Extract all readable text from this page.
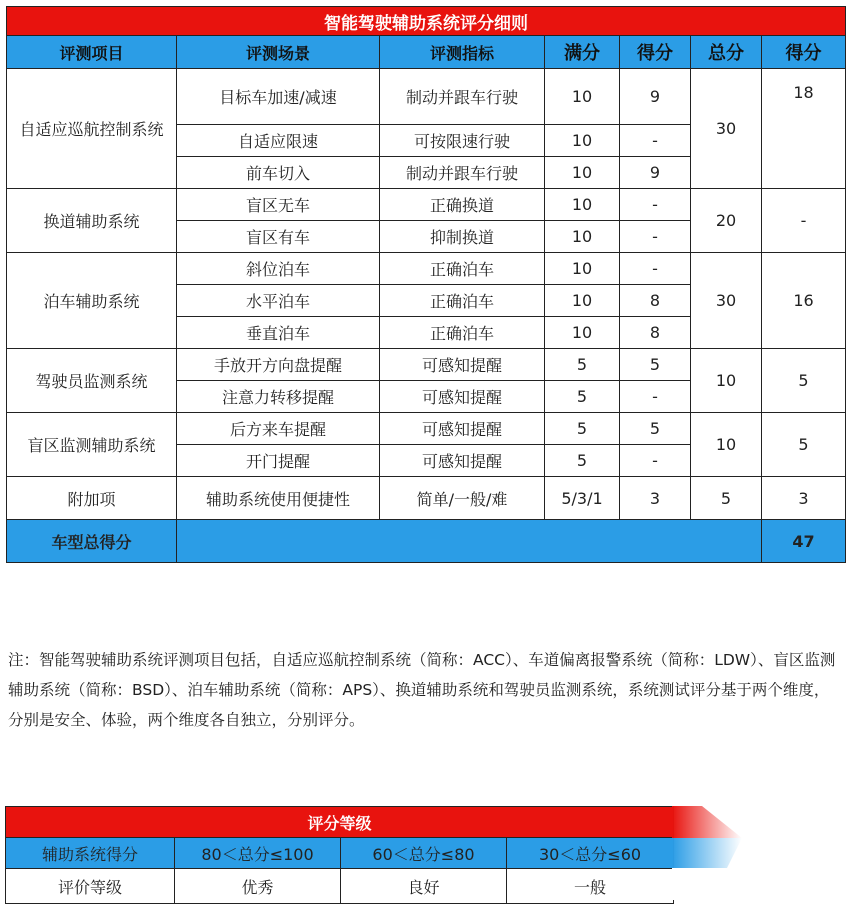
智能驾驶辅助系统评分细则						
评测项目	评测场景	评测指标	满分	得分	总分	得分
自适应巡航控制系统	目标车加速/减速	制动并跟车行驶	10	9	30	18
	自适应限速	可按限速行驶	10	-		
	前车切入	制动并跟车行驶	10	9		
换道辅助系统	盲区无车	正确换道	10	-	20	-
	盲区有车	抑制换道	10	-		
泊车辅助系统	斜位泊车	正确泊车	10	-	30	16
	水平泊车	正确泊车	10	8		
	垂直泊车	正确泊车	10	8		
驾驶员监测系统	手放开方向盘提醒	可感知提醒	5	5	10	5
	注意力转移提醒	可感知提醒	5	-		
盲区监测辅助系统	后方来车提醒	可感知提醒	5	5	10	5
	开门提醒	可感知提醒	5	-		
附加项	辅助系统使用便捷性	简单/一般/难	5/3/1	3	5	3
车型总得分						47
注：智能驾驶辅助系统评测项目包括，自适应巡航控制系统（简称：ACC）、车道偏离报警系统（简称：LDW）、盲区监测辅助系统（简称：BSD）、泊车辅助系统（简称：APS）、换道辅助系统和驾驶员监测系统，系统测试评分基于两个维度，分别是安全、体验，两个维度各自独立，分别评分。
评分等级			
辅助系统得分	80＜总分≤100	60＜总分≤80	30＜总分≤60
评价等级	优秀	良好	一般
